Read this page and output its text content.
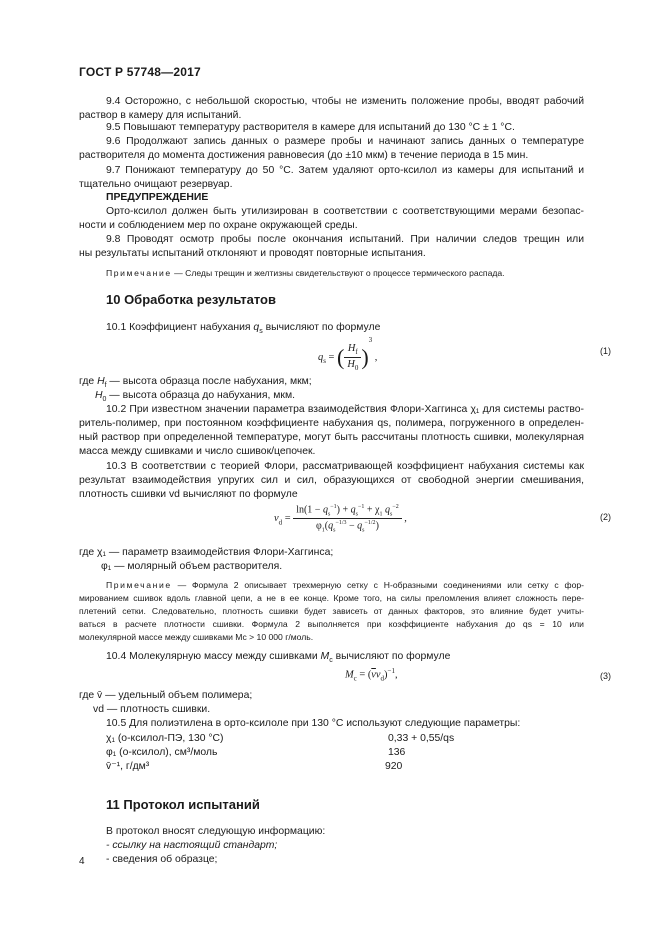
ГОСТ Р 57748—2017
9.4 Осторожно, с небольшой скоростью, чтобы не изменить положение пробы, вводят рабочий
раствор в камеру для испытаний.
9.5 Повышают температуру растворителя в камере для испытаний до 130 °С ± 1 °С.
9.6 Продолжают запись данных о размере пробы и начинают запись данных о температуре
растворителя до момента достижения равновесия (до ±10 мкм) в течение периода в 15 мин.
9.7 Понижают температуру до 50 °С. Затем удаляют орто-ксилол из камеры для испытаний и
тщательно очищают резервуар.
ПРЕДУПРЕЖДЕНИЕ
Орто-ксилол должен быть утилизирован в соответствии с соответствующими мерами безопас-
ности и соблюдением мер по охране окружающей среды.
9.8 Проводят осмотр пробы после окончания испытаний. При наличии следов трещин или
ны результаты испытаний отклоняют и проводят повторные испытания.
Примечание — Следы трещин и желтизны свидетельствуют о процессе термического распада.
10 Обработка результатов
10.1 Коэффициент набухания $q_s$ вычисляют по формуле
$q_s$ = ( $\frac{H_f}{H_0} )^3$ ,
(1)
где $H_f$ — высота образца после набухания, мкм;
$H_0$ — высота образца до набухания, мкм.
10.2 При известном значении параметра взаимодействия Флори-Хаггинса χ₁ для системы раство-
ритель-полимер, при постоянном коэффициенте набухания qs, полимера, погруженного в определен-
ный раствор при определенной температуре, могут быть рассчитаны плотность сшивки, молекулярная
масса между сшивками и число сшивок/цепочек.
10.3 В соответствии с теорией Флори, рассматривающей коэффициент набухания системы как
результат взаимодействия упругих сил и сил, образующихся от свободной энергии смешивания,
плотность сшивки vd вычисляют по формуле
$v_d = \frac{\ln(1 - q_s^{-1}) + q_s^{-1} + \chi_1 q_s^{-2}}{\varphi_1(q_s^{-1/3} - q_s^{-1/2})}$ ,	(2)
где χ₁ — параметр взаимодействия Флори-Хаггинса;
φ₁ — молярный объем растворителя.
Примечание — Формула 2 описывает трехмерную сетку с Н-образными соединениями или сетку с фор-
мированием сшивок вдоль главной цепи, а не в ее конце. Кроме того, на силы преломления влияет сложность пере-
плетений сетки. Следовательно, плотность сшивки будет зависеть от данных факторов, это влияние будет учиты-
ваться в расчете плотности сшивки. Формула 2 выполняется при коэффициенте набухания до qs = 10 или
молекулярной массе между сшивками Mc > 10 000 г/моль.
10.4 Молекулярную массу между сшивками $M_c$ вычисляют по формуле
$M_c = (\overline{v}v_d)^{-1}$,	(3)
где v̄ — удельный объем полимера;
vd — плотность сшивки.
10.5 Для полиэтилена в орто-ксилоле при 130 °С используют следующие параметры:
χ₁ (о-ксилол-ПЭ, 130 °С)	0,33 + 0,55/qs
φ₁ (о-ксилол), см³/моль	136
v̄⁻¹, г/дм³	920
11 Протокол испытаний
В протокол вносят следующую информацию:
- ссылку на настоящий стандарт;
- сведения об образце;
4
